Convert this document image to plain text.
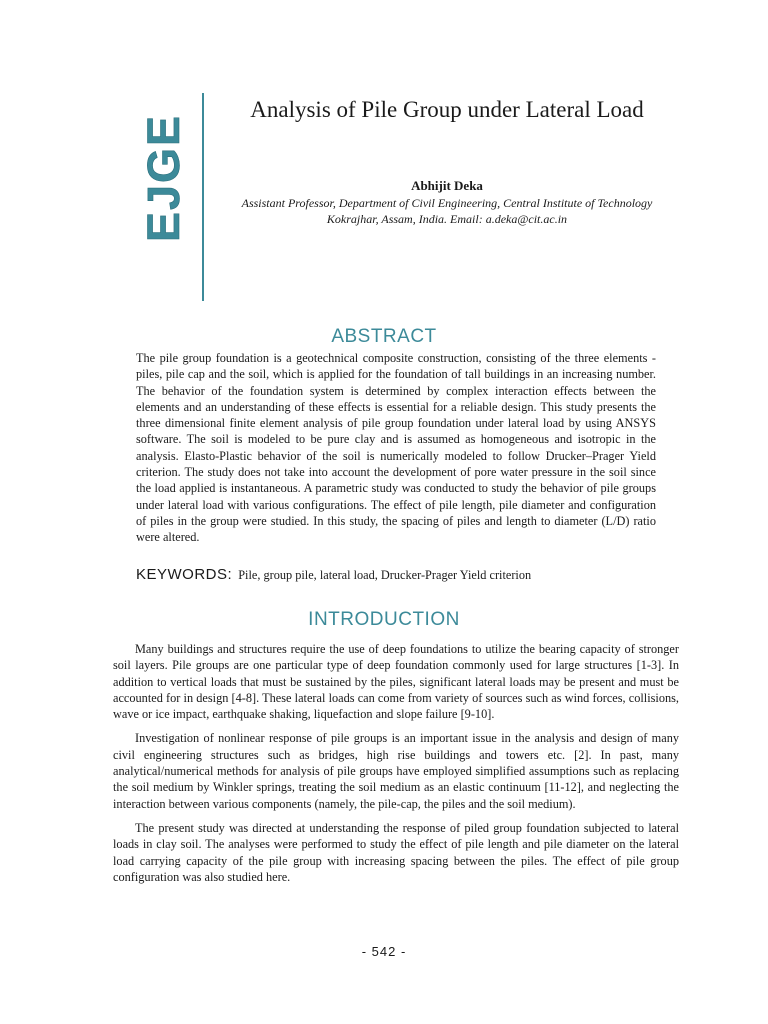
EJGE
Analysis of Pile Group under Lateral Load
Abhijit Deka
Assistant Professor, Department of Civil Engineering, Central Institute of Technology Kokrajhar, Assam, India. Email: a.deka@cit.ac.in
ABSTRACT

The pile group foundation is a geotechnical composite construction, consisting of the three elements - piles, pile cap and the soil, which is applied for the foundation of tall buildings in an increasing number. The behavior of the foundation system is determined by complex interaction effects between the elements and an understanding of these effects is essential for a reliable design. This study presents the three dimensional finite element analysis of pile group foundation under lateral load by using ANSYS software. The soil is modeled to be pure clay and is assumed as homogeneous and isotropic in the analysis. Elasto-Plastic behavior of the soil is numerically modeled to follow Drucker–Prager Yield criterion. The study does not take into account the development of pore water pressure in the soil since the load applied is instantaneous. A parametric study was conducted to study the behavior of pile groups under lateral load with various configurations. The effect of pile length, pile diameter and configuration of piles in the group were studied. In this study, the spacing of piles and length to diameter (L/D) ratio were altered.

KEYWORDS: Pile, group pile, lateral load, Drucker-Prager Yield criterion
INTRODUCTION

Many buildings and structures require the use of deep foundations to utilize the bearing capacity of stronger soil layers. Pile groups are one particular type of deep foundation commonly used for large structures [1-3]. In addition to vertical loads that must be sustained by the piles, significant lateral loads may be present and must be accounted for in design [4-8]. These lateral loads can come from variety of sources such as wind forces, collisions, wave or ice impact, earthquake shaking, liquefaction and slope failure [9-10].

Investigation of nonlinear response of pile groups is an important issue in the analysis and design of many civil engineering structures such as bridges, high rise buildings and towers etc. [2]. In past, many analytical/numerical methods for analysis of pile groups have employed simplified assumptions such as replacing the soil medium by Winkler springs, treating the soil medium as an elastic continuum [11-12], and neglecting the interaction between various components (namely, the pile-cap, the piles and the soil medium).

The present study was directed at understanding the response of piled group foundation subjected to lateral loads in clay soil. The analyses were performed to study the effect of pile length and pile diameter on the lateral load carrying capacity of the pile group with increasing spacing between the piles. The effect of pile group configuration was also studied here.

- 542 -
